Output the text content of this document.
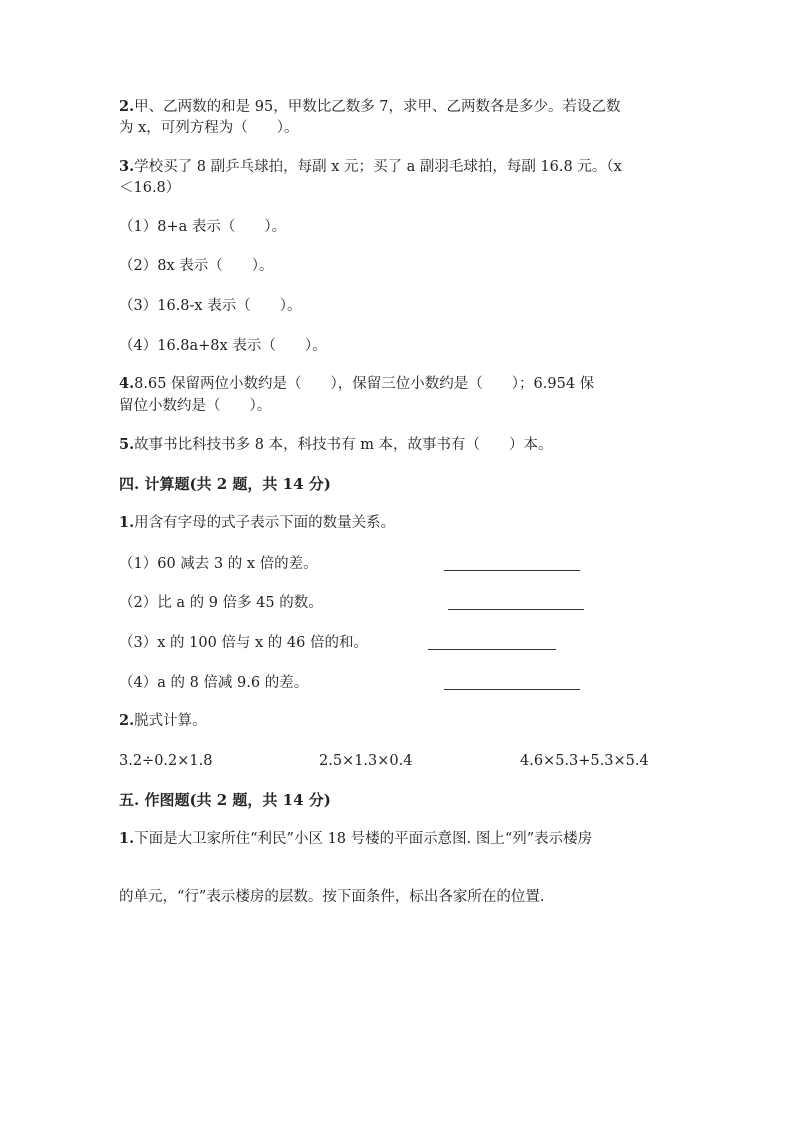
2.甲、乙两数的和是 95，甲数比乙数多 7，求甲、乙两数各是多少。若设乙数
为 x，可列方程为（　　）。
3.学校买了 8 副乒乓球拍，每副 x 元；买了 a 副羽毛球拍，每副 16.8 元。（x
＜16.8）
（1）8+a 表示（　　）。
（2）8x 表示（　　）。
（3）16.8-x 表示（　　）。
（4）16.8a+8x 表示（　　）。
4.8.65 保留两位小数约是（　　），保留三位小数约是（　　）；6.954 保
留位小数约是（　　）。
5.故事书比科技书多 8 本，科技书有 m 本，故事书有（　　）本。
四. 计算题(共 2 题，共 14 分)
1.用含有字母的式子表示下面的数量关系。
（1）60 减去 3 的 x 倍的差。
（2）比 a 的 9 倍多 45 的数。
（3）x 的 100 倍与 x 的 46 倍的和。
（4）a 的 8 倍减 9.6 的差。
2.脱式计算。
3.2÷0.2×1.8	2.5×1.3×0.4	4.6×5.3+5.3×5.4
五. 作图题(共 2 题，共 14 分)
1.下面是大卫家所住“利民”小区 18 号楼的平面示意图. 图上“列”表示楼房
的单元，“行”表示楼房的层数。按下面条件，标出各家所在的位置.
